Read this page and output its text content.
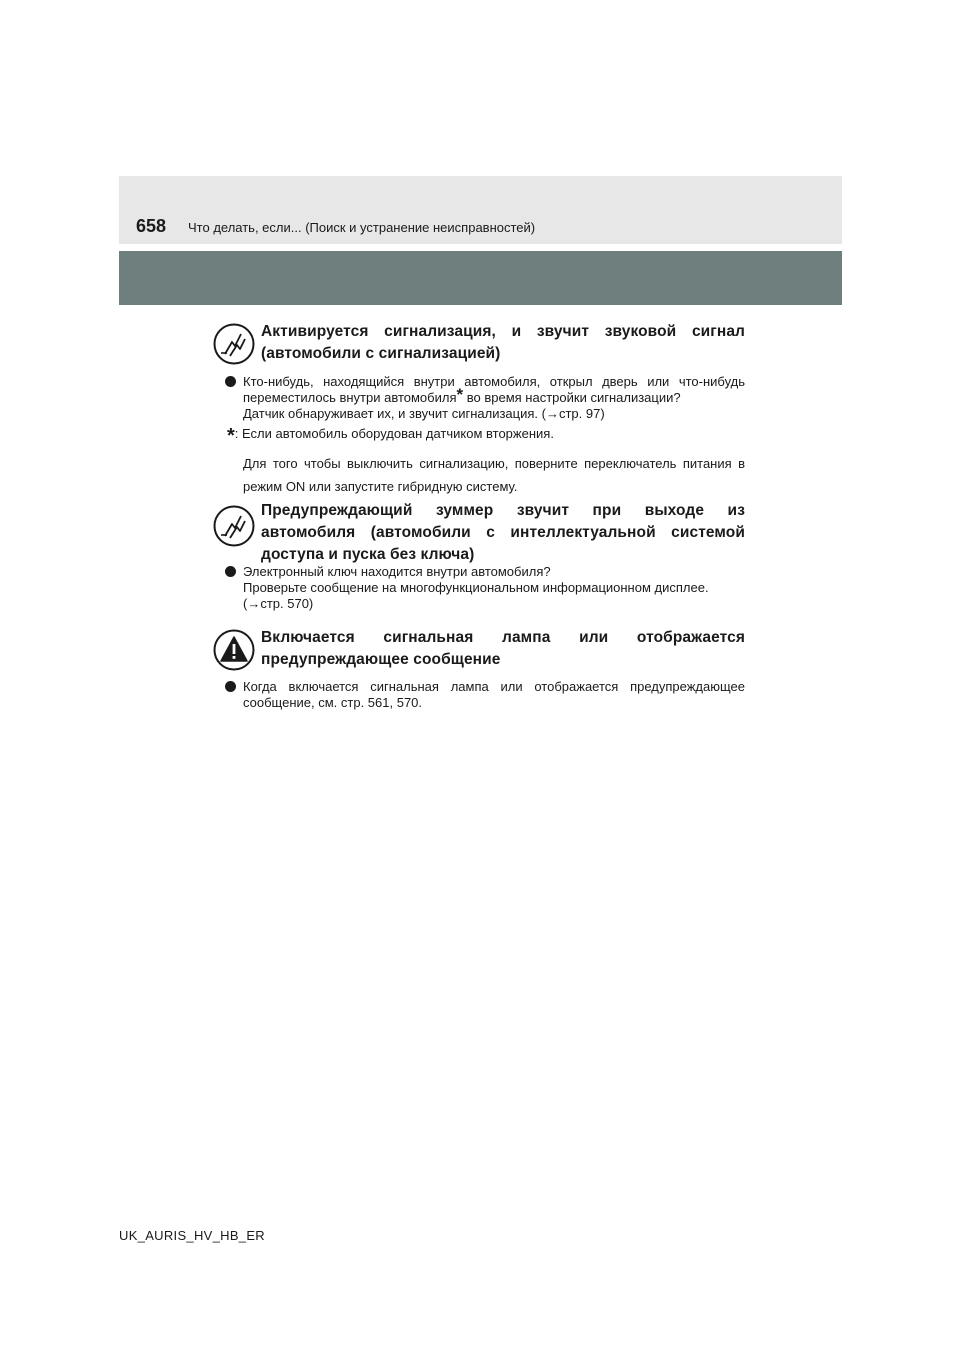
658 Что делать, если... (Поиск и устранение неисправностей)
Активируется сигнализация, и звучит звуковой сигнал (автомобили с сигнализацией)
Кто-нибудь, находящийся внутри автомобиля, открыл дверь или что-нибудь
переместилось внутри автомобиля* во время настройки сигнализации?
Датчик обнаруживает их, и звучит сигнализация. (→стр. 97)
*: Если автомобиль оборудован датчиком вторжения.
Для того чтобы выключить сигнализацию, поверните переключатель питания в
режим ON или запустите гибридную систему.
Предупреждающий зуммер звучит при выходе из автомобиля (автомобили с интеллектуальной системой доступа и пуска без ключа)
Электронный ключ находится внутри автомобиля?
Проверьте сообщение на многофункциональном информационном дисплее.
(→стр. 570)
Включается сигнальная лампа или отображается предупреждающее сообщение
Когда включается сигнальная лампа или отображается предупреждающее
сообщение, см. стр. 561, 570.
UK_AURIS_HV_HB_ER
